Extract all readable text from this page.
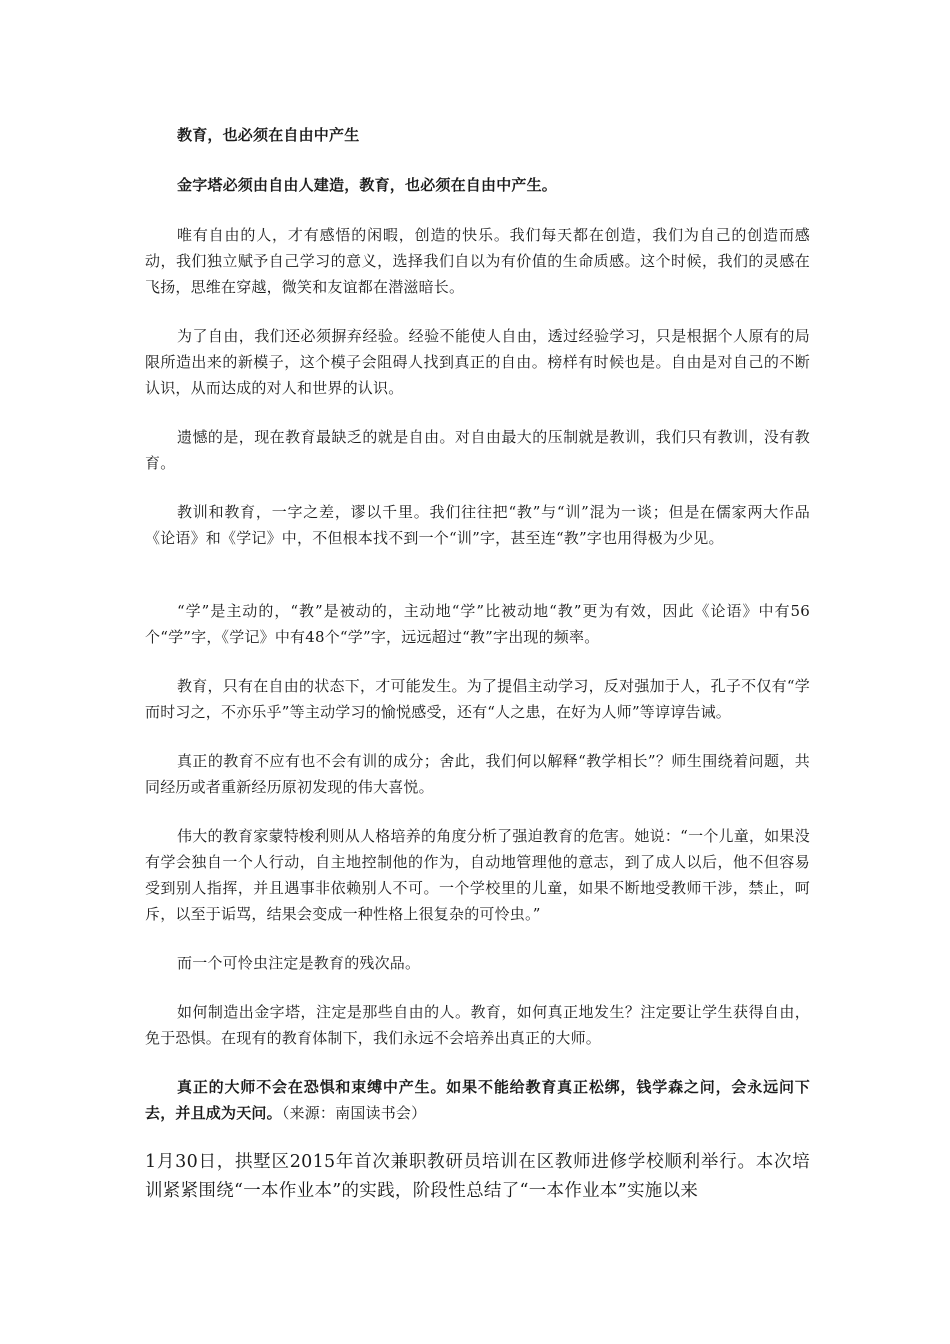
教育，也必须在自由中产生

金字塔必须由自由人建造，教育，也必须在自由中产生。

唯有自由的人，才有感悟的闲暇，创造的快乐。我们每天都在创造，我们为自己的创造而感动，我们独立赋予自己学习的意义，选择我们自以为有价值的生命质感。这个时候，我们的灵感在飞扬，思维在穿越，微笑和友谊都在潜滋暗长。

为了自由，我们还必须摒弃经验。经验不能使人自由，透过经验学习，只是根据个人原有的局限所造出来的新模子，这个模子会阻碍人找到真正的自由。榜样有时候也是。自由是对自己的不断认识，从而达成的对人和世界的认识。

遗憾的是，现在教育最缺乏的就是自由。对自由最大的压制就是教训，我们只有教训，没有教育。

教训和教育，一字之差，谬以千里。我们往往把“教”与“训”混为一谈；但是在儒家两大作品《论语》和《学记》中，不但根本找不到一个“训”字，甚至连“教”字也用得极为少见。

“学”是主动的，“教”是被动的，主动地“学”比被动地“教”更为有效，因此《论语》中有56个“学”字，《学记》中有48个“学”字，远远超过“教”字出现的频率。

教育，只有在自由的状态下，才可能发生。为了提倡主动学习，反对强加于人，孔子不仅有“学而时习之，不亦乐乎”等主动学习的愉悦感受，还有“人之患，在好为人师”等谆谆告诫。

真正的教育不应有也不会有训的成分；舍此，我们何以解释“教学相长”？师生围绕着问题，共同经历或者重新经历原初发现的伟大喜悦。

伟大的教育家蒙特梭利则从人格培养的角度分析了强迫教育的危害。她说：“一个儿童，如果没有学会独自一个人行动，自主地控制他的作为，自动地管理他的意志，到了成人以后，他不但容易受到别人指挥，并且遇事非依赖别人不可。一个学校里的儿童，如果不断地受教师干涉，禁止，呵斥，以至于诟骂，结果会变成一种性格上很复杂的可怜虫。”

而一个可怜虫注定是教育的残次品。

如何制造出金字塔，注定是那些自由的人。教育，如何真正地发生？注定要让学生获得自由，免于恐惧。在现有的教育体制下，我们永远不会培养出真正的大师。

真正的大师不会在恐惧和束缚中产生。如果不能给教育真正松绑，钱学森之问，会永远问下去，并且成为天问。（来源：南国读书会）

1月30日，拱墅区2015年首次兼职教研员培训在区教师进修学校顺利举行。本次培训紧紧围绕“一本作业本”的实践，阶段性总结了“一本作业本”实施以来
